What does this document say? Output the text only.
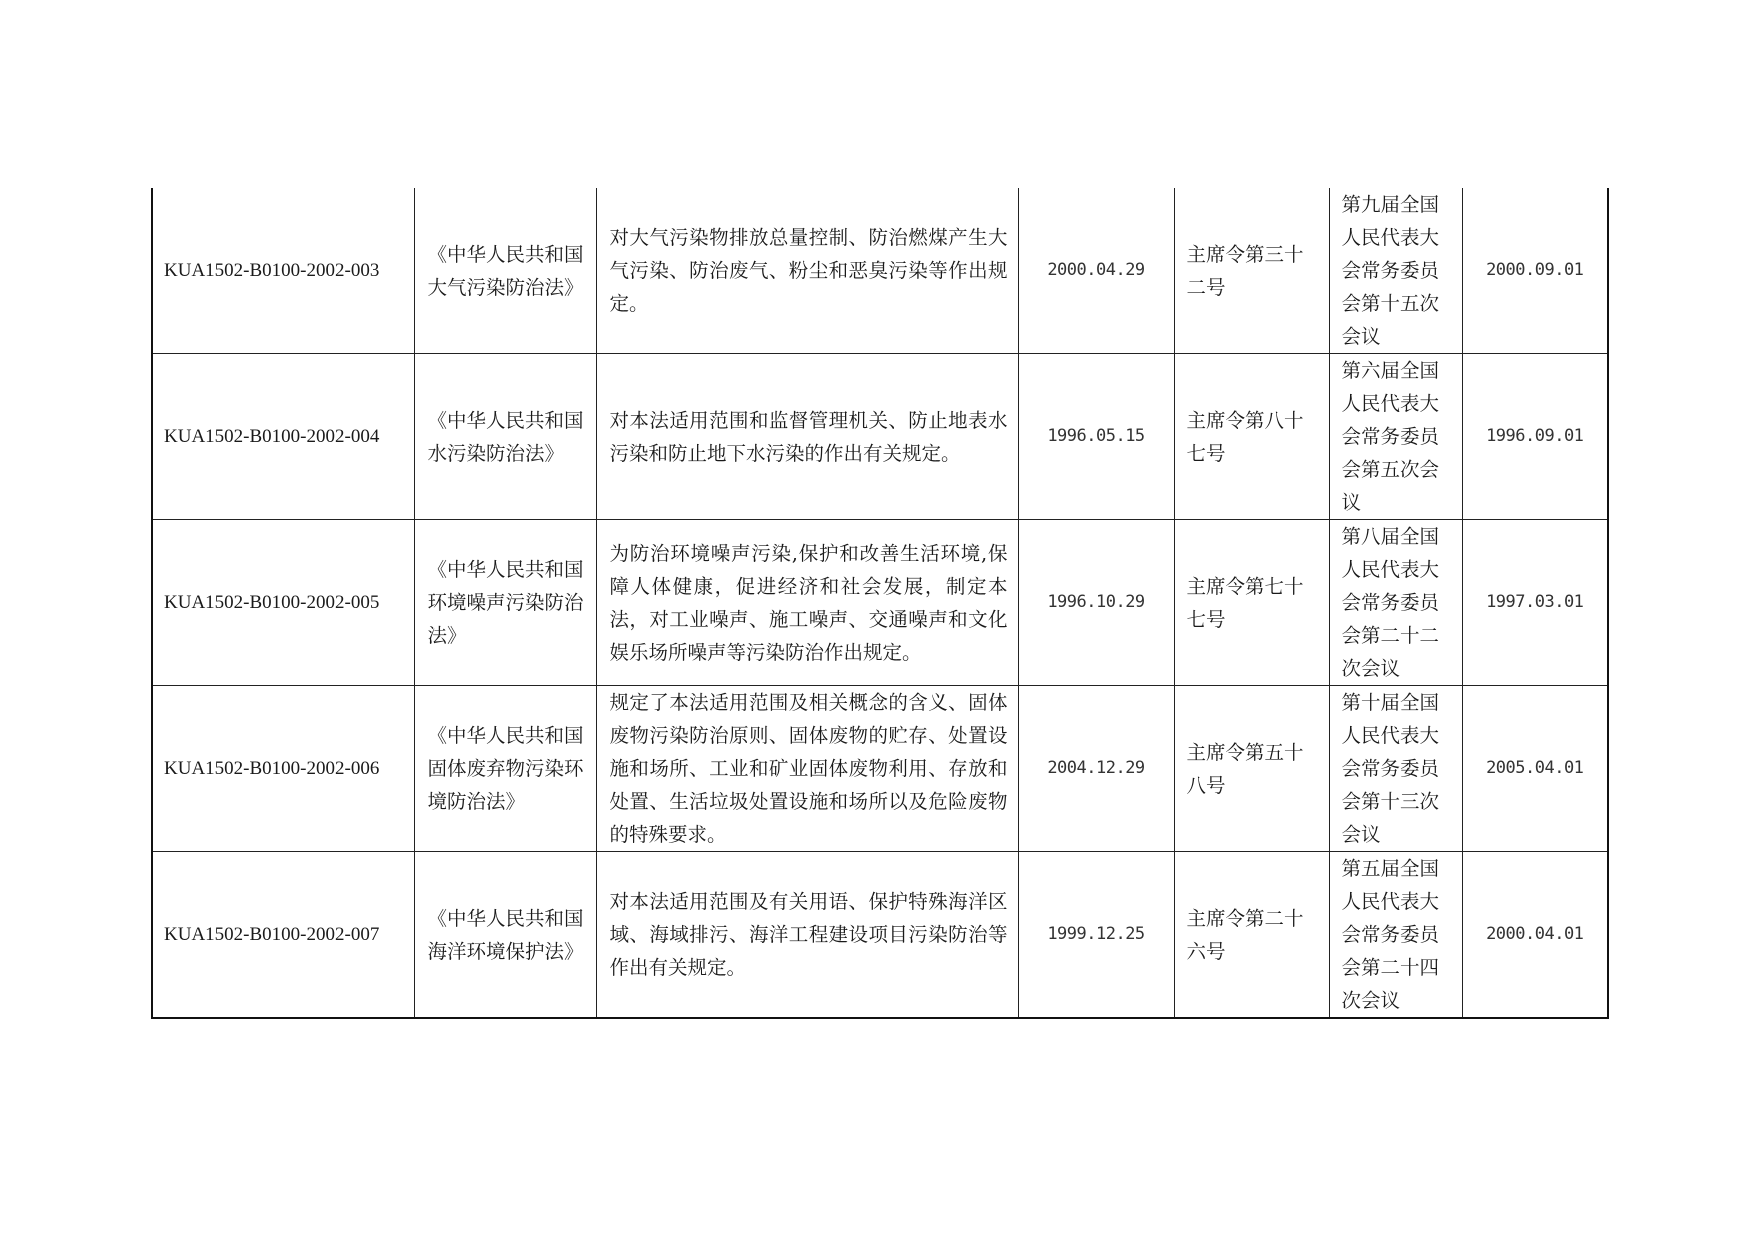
KUA1502-B0100-2002-003	《中华人民共和国大气污染防治法》	对大气污染物排放总量控制、防治燃煤产生大气污染、防治废气、粉尘和恶臭污染等作出规定。	2000.04.29	主席令第三十二号	第九届全国人民代表大会常务委员会第十五次会议	2000.09.01
KUA1502-B0100-2002-004	《中华人民共和国水污染防治法》	对本法适用范围和监督管理机关、防止地表水污染和防止地下水污染的作出有关规定。	1996.05.15	主席令第八十七号	第六届全国人民代表大会常务委员会第五次会议	1996.09.01
KUA1502-B0100-2002-005	《中华人民共和国环境噪声污染防治法》	为防治环境噪声污染,保护和改善生活环境,保障人体健康，促进经济和社会发展，制定本法，对工业噪声、施工噪声、交通噪声和文化娱乐场所噪声等污染防治作出规定。	1996.10.29	主席令第七十七号	第八届全国人民代表大会常务委员会第二十二次会议	1997.03.01
KUA1502-B0100-2002-006	《中华人民共和国固体废弃物污染环境防治法》	规定了本法适用范围及相关概念的含义、固体废物污染防治原则、固体废物的贮存、处置设施和场所、工业和矿业固体废物利用、存放和处置、生活垃圾处置设施和场所以及危险废物的特殊要求。	2004.12.29	主席令第五十八号	第十届全国人民代表大会常务委员会第十三次会议	2005.04.01
KUA1502-B0100-2002-007	《中华人民共和国海洋环境保护法》	对本法适用范围及有关用语、保护特殊海洋区域、海域排污、海洋工程建设项目污染防治等作出有关规定。	1999.12.25	主席令第二十六号	第五届全国人民代表大会常务委员会第二十四次会议	2000.04.01
